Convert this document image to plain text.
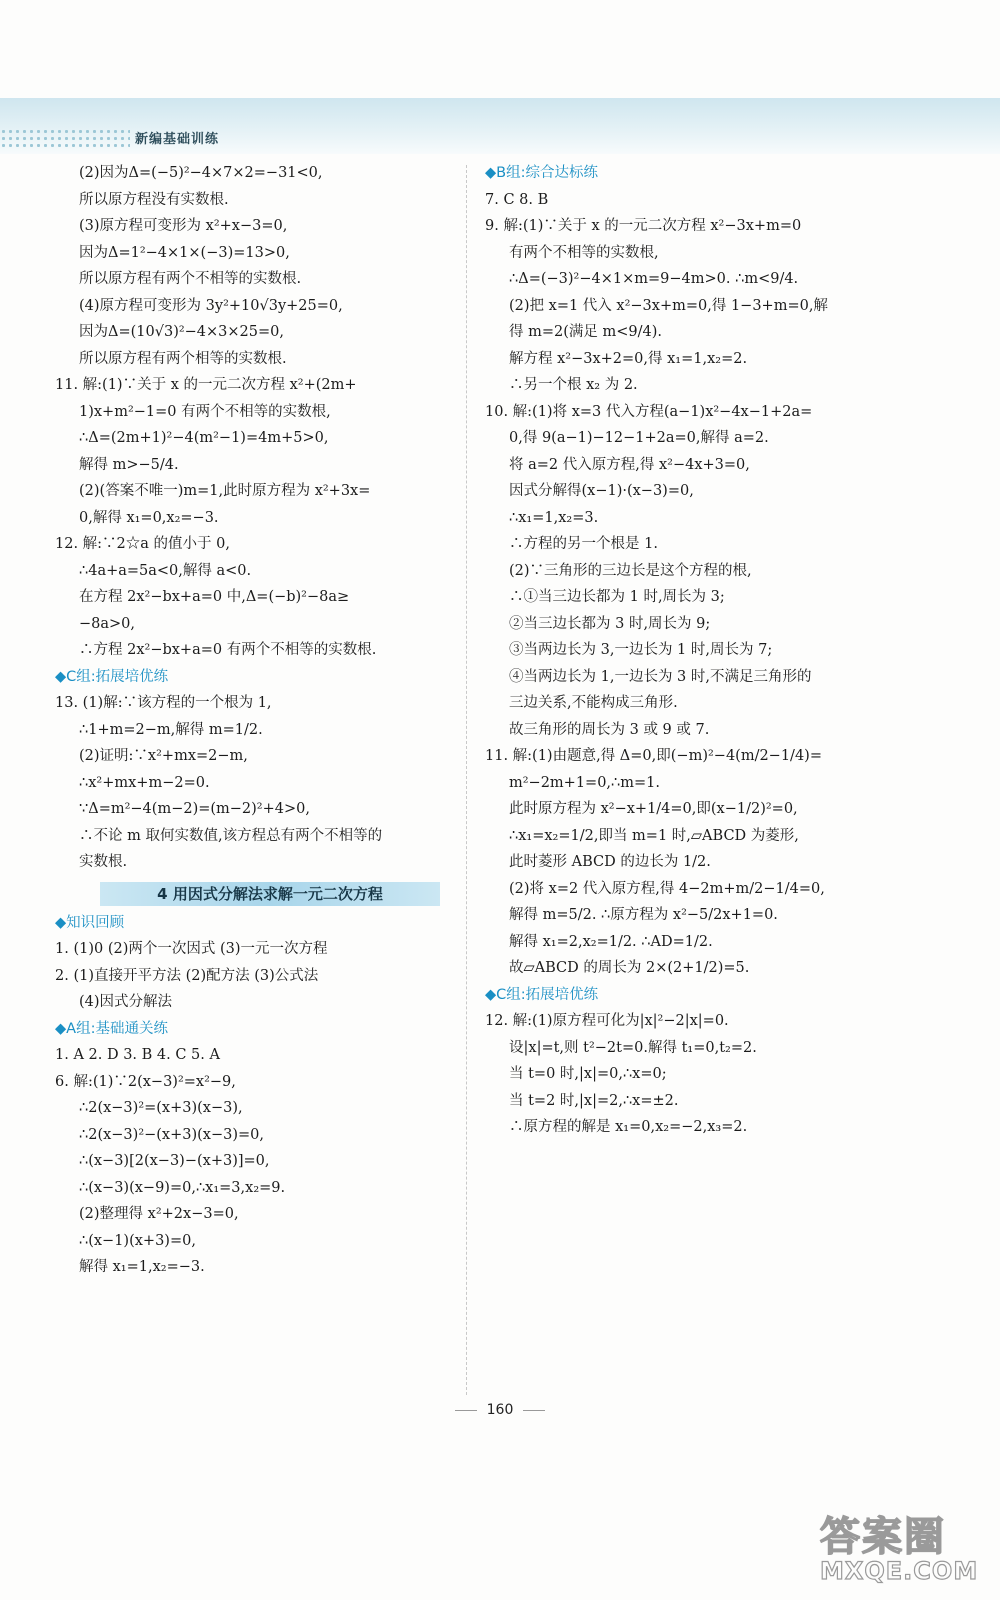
新编基础训练
(2)因为Δ=(−5)²−4×7×2=−31<0,
所以原方程没有实数根.
(3)原方程可变形为 x²+x−3=0,
因为Δ=1²−4×1×(−3)=13>0,
所以原方程有两个不相等的实数根.
(4)原方程可变形为 3y²+10√3y+25=0,
因为Δ=(10√3)²−4×3×25=0,
所以原方程有两个相等的实数根.
11. 解:(1)∵关于 x 的一元二次方程 x²+(2m+
1)x+m²−1=0 有两个不相等的实数根,
∴Δ=(2m+1)²−4(m²−1)=4m+5>0,
解得 m>−5/4.
(2)(答案不唯一)m=1,此时原方程为 x²+3x=
0,解得 x₁=0,x₂=−3.
12. 解:∵2☆a 的值小于 0,
∴4a+a=5a<0,解得 a<0.
在方程 2x²−bx+a=0 中,Δ=(−b)²−8a≥
−8a>0,
∴方程 2x²−bx+a=0 有两个不相等的实数根.
◆C组:拓展培优练
13. (1)解:∵该方程的一个根为 1,
∴1+m=2−m,解得 m=1/2.
(2)证明:∵x²+mx=2−m,
∴x²+mx+m−2=0.
∵Δ=m²−4(m−2)=(m−2)²+4>0,
∴不论 m 取何实数值,该方程总有两个不相等的
实数根.
4 用因式分解法求解一元二次方程
◆知识回顾
1. (1)0 (2)两个一次因式 (3)一元一次方程
2. (1)直接开平方法 (2)配方法 (3)公式法
(4)因式分解法
◆A组:基础通关练
1. A 2. D 3. B 4. C 5. A
6. 解:(1)∵2(x−3)²=x²−9,
∴2(x−3)²=(x+3)(x−3),
∴2(x−3)²−(x+3)(x−3)=0,
∴(x−3)[2(x−3)−(x+3)]=0,
∴(x−3)(x−9)=0,∴x₁=3,x₂=9.
(2)整理得 x²+2x−3=0,
∴(x−1)(x+3)=0,
解得 x₁=1,x₂=−3.
◆B组:综合达标练
7. C 8. B
9. 解:(1)∵关于 x 的一元二次方程 x²−3x+m=0
有两个不相等的实数根,
∴Δ=(−3)²−4×1×m=9−4m>0. ∴m<9/4.
(2)把 x=1 代入 x²−3x+m=0,得 1−3+m=0,解
得 m=2(满足 m<9/4).
解方程 x²−3x+2=0,得 x₁=1,x₂=2.
∴另一个根 x₂ 为 2.
10. 解:(1)将 x=3 代入方程(a−1)x²−4x−1+2a=
0,得 9(a−1)−12−1+2a=0,解得 a=2.
将 a=2 代入原方程,得 x²−4x+3=0,
因式分解得(x−1)·(x−3)=0,
∴x₁=1,x₂=3.
∴方程的另一个根是 1.
(2)∵三角形的三边长是这个方程的根,
∴①当三边长都为 1 时,周长为 3;
②当三边长都为 3 时,周长为 9;
③当两边长为 3,一边长为 1 时,周长为 7;
④当两边长为 1,一边长为 3 时,不满足三角形的
三边关系,不能构成三角形.
故三角形的周长为 3 或 9 或 7.
11. 解:(1)由题意,得 Δ=0,即(−m)²−4(m/2−1/4)=
m²−2m+1=0,∴m=1.
此时原方程为 x²−x+1/4=0,即(x−1/2)²=0,
∴x₁=x₂=1/2,即当 m=1 时,▱ABCD 为菱形,
此时菱形 ABCD 的边长为 1/2.
(2)将 x=2 代入原方程,得 4−2m+m/2−1/4=0,
解得 m=5/2. ∴原方程为 x²−5/2x+1=0.
解得 x₁=2,x₂=1/2. ∴AD=1/2.
故▱ABCD 的周长为 2×(2+1/2)=5.
◆C组:拓展培优练
12. 解:(1)原方程可化为|x|²−2|x|=0.
设|x|=t,则 t²−2t=0.解得 t₁=0,t₂=2.
当 t=0 时,|x|=0,∴x=0;
当 t=2 时,|x|=2,∴x=±2.
∴原方程的解是 x₁=0,x₂=−2,x₃=2.
160
答案圈
MXQE.COM
